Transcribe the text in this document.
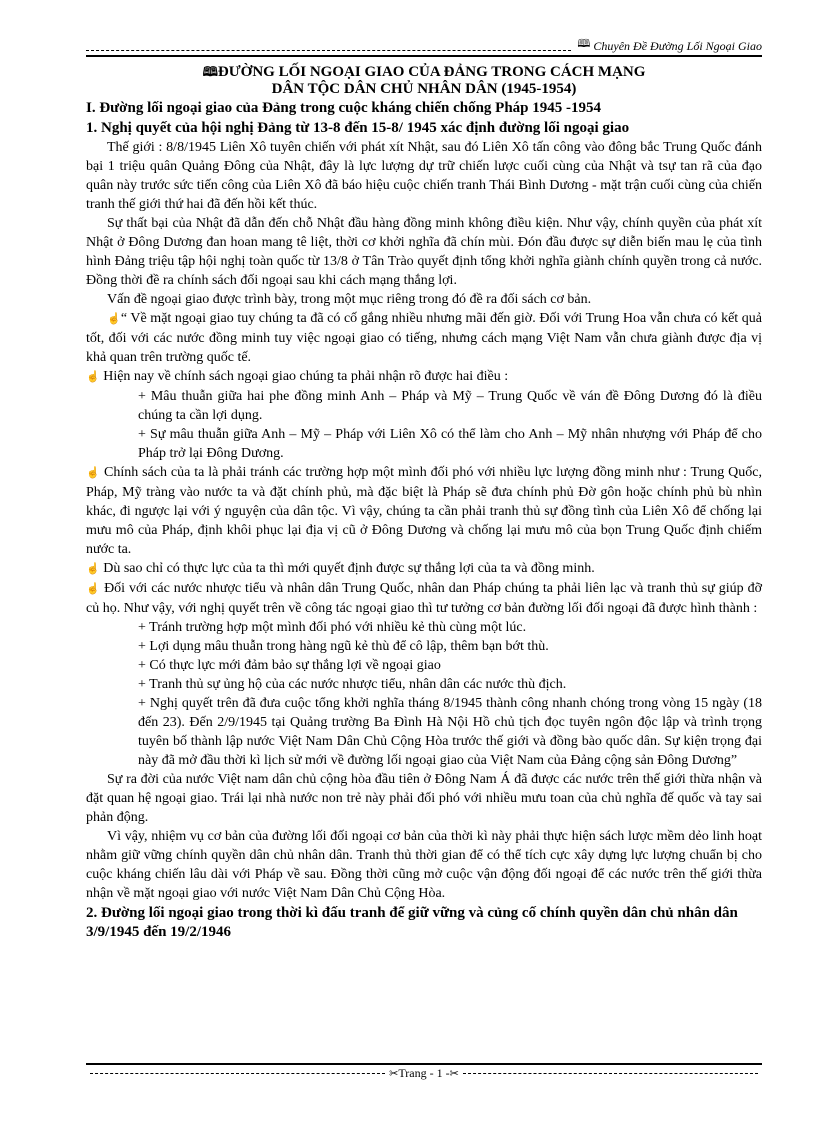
🕮 Chuyên Đề Đường Lối Ngoại Giao
🕮ĐƯỜNG LỐI NGOẠI GIAO CỦA ĐẢNG TRONG CÁCH MẠNG
DÂN TỘC DÂN CHỦ NHÂN DÂN (1945-1954)
I. Đường lối ngoại giao của Đảng trong cuộc kháng chiến chống Pháp 1945 -1954
1. Nghị quyết của hội nghị Đảng từ 13-8 đến 15-8/ 1945 xác định đường lối ngoại giao
Thế giới : 8/8/1945 Liên Xô tuyên chiến với phát xít Nhật, sau đó Liên Xô tấn công vào đông bắc Trung Quốc đánh bại 1 triệu quân Quảng Đông của Nhật, đây là lực lượng dự trữ chiến lược cuối cùng của Nhật và tsự tan rã của đạo quân này trước sức tiến công của Liên Xô đã báo hiệu cuộc chiến tranh Thái Bình Dương - mặt trận cuối cùng của chiến tranh thế giới thứ hai đã đến hồi kết thúc.
Sự thất bại của Nhật đã dẫn đến chỗ Nhật đầu hàng đồng minh không điều kiện. Như vậy, chính quyền của phát xít Nhật ở Đông Dương đan hoan mang tê liệt, thời cơ khởi nghĩa đã chín mùi. Đón đầu được sự diễn biến mau lẹ của tình hình Đảng triệu tập hội nghị toàn quốc từ 13/8 ở Tân Trào quyết định tổng khởi nghĩa giành chính quyền trong cả nước. Đồng thời đề ra chính sách đối ngoại sau khi cách mạng thắng lợi.
Vấn đề ngoại giao được trình bày, trong một mục riêng trong đó đề ra đối sách cơ bản.
☝“ Về mặt ngoại giao tuy chúng ta đã có cố gắng nhiều nhưng mãi đến giờ. Đối với Trung Hoa vẫn chưa có kết quả tốt, đối với các nước đồng minh tuy việc ngoại giao có tiếng, nhưng cách mạng Việt Nam vẫn chưa giành được địa vị khả quan trên trường quốc tế.
☝ Hiện nay về chính sách ngoại giao chúng ta phải nhận rõ được hai điều :
+ Mâu thuẫn giữa hai phe đồng minh Anh – Pháp và Mỹ – Trung Quốc về ván đề Đông Dương đó là điều chúng ta cần lợi dụng.
+ Sự mâu thuẫn giữa Anh – Mỹ – Pháp với Liên Xô có thể làm cho Anh – Mỹ nhân nhượng với Pháp để cho Pháp trở lại Đông Dương.
☝ Chính sách của ta là phải tránh các trường hợp một mình đối phó với nhiều lực lượng đồng minh như : Trung Quốc, Pháp, Mỹ tràng vào nước ta và đặt chính phủ, mà đặc biệt là Pháp sẽ đưa chính phủ Đờ gôn hoặc chính phủ bù nhìn khác, đi ngược lại với ý nguyện của dân tộc. Vì vậy, chúng ta cần phải tranh thủ sự đồng tình của Liên Xô để chống lại mưu mô của Pháp, định khôi phục lại địa vị cũ ở Đông Dương và chống lại mưu mô của bọn Trung Quốc định chiếm nước ta.
☝ Dù sao chỉ có thực lực của ta thì mới quyết định được sự thắng lợi của ta và đồng minh.
☝ Đối với các nước nhược tiểu và nhân dân Trung Quốc, nhân dan Pháp chúng ta phải liên lạc và tranh thủ sự giúp đỡ củ họ. Như vậy, với nghị quyết trên về công tác ngoại giao thì tư tưởng cơ bản đường lối đối ngoại đã được hình thành :
+ Tránh trường hợp một mình đối phó với nhiều kẻ thù cùng một lúc.
+ Lợi dụng mâu thuẫn trong hàng ngũ kẻ thù để cô lập, thêm bạn bớt thù.
+ Có thực lực mới đảm bảo sự thắng lợi về ngoại giao
+ Tranh thủ sự ủng hộ của các nước nhược tiểu, nhân dân các nước thù địch.
+ Nghị quyết trên đã đưa cuộc tổng khởi nghĩa tháng 8/1945 thành công nhanh chóng trong vòng 15 ngày (18 đến 23). Đến 2/9/1945 tại Quảng trường Ba Đình Hà Nội Hồ chủ tịch đọc tuyên ngôn độc lập và trình trọng tuyên bố thành lập nước Việt Nam Dân Chủ Cộng Hòa trước thế giới và đồng bào quốc dân. Sự kiện trọng đại này đã mở đầu thời kì lịch sử mới về đường lối ngoại giao của Việt Nam của Đảng cộng sản Đông Dương”
Sự ra đời của nước Việt nam dân chủ cộng hòa đầu tiên ở Đông Nam Á đã được các nước trên thế giới thừa nhận và đặt quan hệ ngoại giao. Trái lại nhà nước non trẻ này phải đối phó với nhiều mưu toan của chủ nghĩa đế quốc và tay sai phản động.
Vì vậy, nhiệm vụ cơ bản của đường lối đối ngoại cơ bản của thời kì này phải thực hiện sách lược mềm dẻo linh hoạt nhằm giữ vững chính quyền dân chủ nhân dân. Tranh thủ thời gian để có thể tích cực xây dựng lực lượng chuẩn bị cho cuộc kháng chiến lâu dài với Pháp về sau. Đồng thời cũng mở cuộc vận động đối ngoại để các nước trên thế giới thừa nhận về mặt ngoại giao với nước Việt Nam Dân Chủ Cộng Hòa.
2. Đường lối ngoại giao trong thời kì đấu tranh để giữ vững và củng cố chính quyền dân chủ nhân dân 3/9/1945 đến 19/2/1946
✂Trang - 1 -✂
